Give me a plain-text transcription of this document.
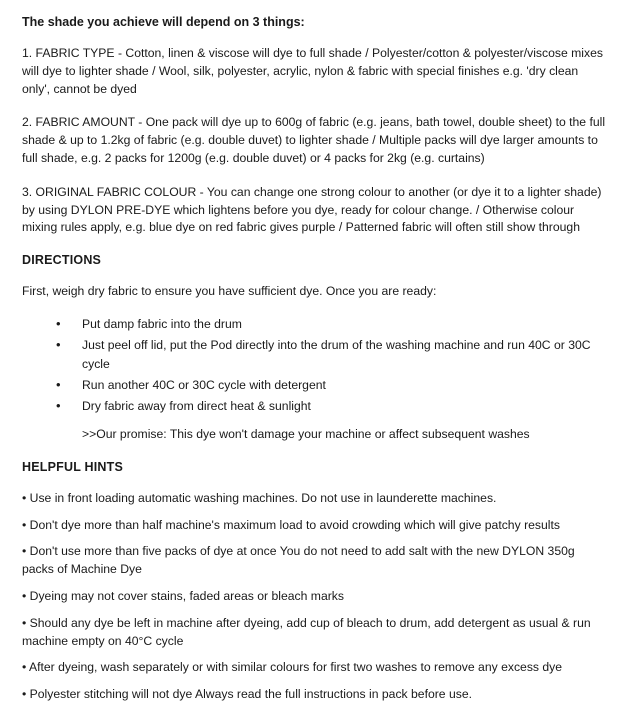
The shade you achieve will depend on 3 things:

1. FABRIC TYPE - Cotton, linen & viscose will dye to full shade / Polyester/cotton & polyester/viscose mixes will dye to lighter shade / Wool, silk, polyester, acrylic, nylon & fabric with special finishes e.g. 'dry clean only', cannot be dyed

2. FABRIC AMOUNT - One pack will dye up to 600g of fabric (e.g. jeans, bath towel, double sheet) to the full shade & up to 1.2kg of fabric (e.g. double duvet) to lighter shade / Multiple packs will dye larger amounts to full shade, e.g. 2 packs for 1200g (e.g. double duvet) or 4 packs for 2kg (e.g. curtains)

3. ORIGINAL FABRIC COLOUR - You can change one strong colour to another (or dye it to a lighter shade) by using DYLON PRE-DYE which lightens before you dye, ready for colour change. / Otherwise colour mixing rules apply, e.g. blue dye on red fabric gives purple / Patterned fabric will often still show through

DIRECTIONS

First, weigh dry fabric to ensure you have sufficient dye. Once you are ready:

• Put damp fabric into the drum
• Just peel off lid, put the Pod directly into the drum of the washing machine and run 40C or 30C cycle
• Run another 40C or 30C cycle with detergent
• Dry fabric away from direct heat & sunlight

>>Our promise: This dye won't damage your machine or affect subsequent washes

HELPFUL HINTS

• Use in front loading automatic washing machines. Do not use in launderette machines.

• Don't dye more than half machine's maximum load to avoid crowding which will give patchy results

• Don't use more than five packs of dye at once You do not need to add salt with the new DYLON 350g packs of Machine Dye

• Dyeing may not cover stains, faded areas or bleach marks

• Should any dye be left in machine after dyeing, add cup of bleach to drum, add detergent as usual & run machine empty on 40°C cycle

• After dyeing, wash separately or with similar colours for first two washes to remove any excess dye

• Polyester stitching will not dye Always read the full instructions in pack before use.
